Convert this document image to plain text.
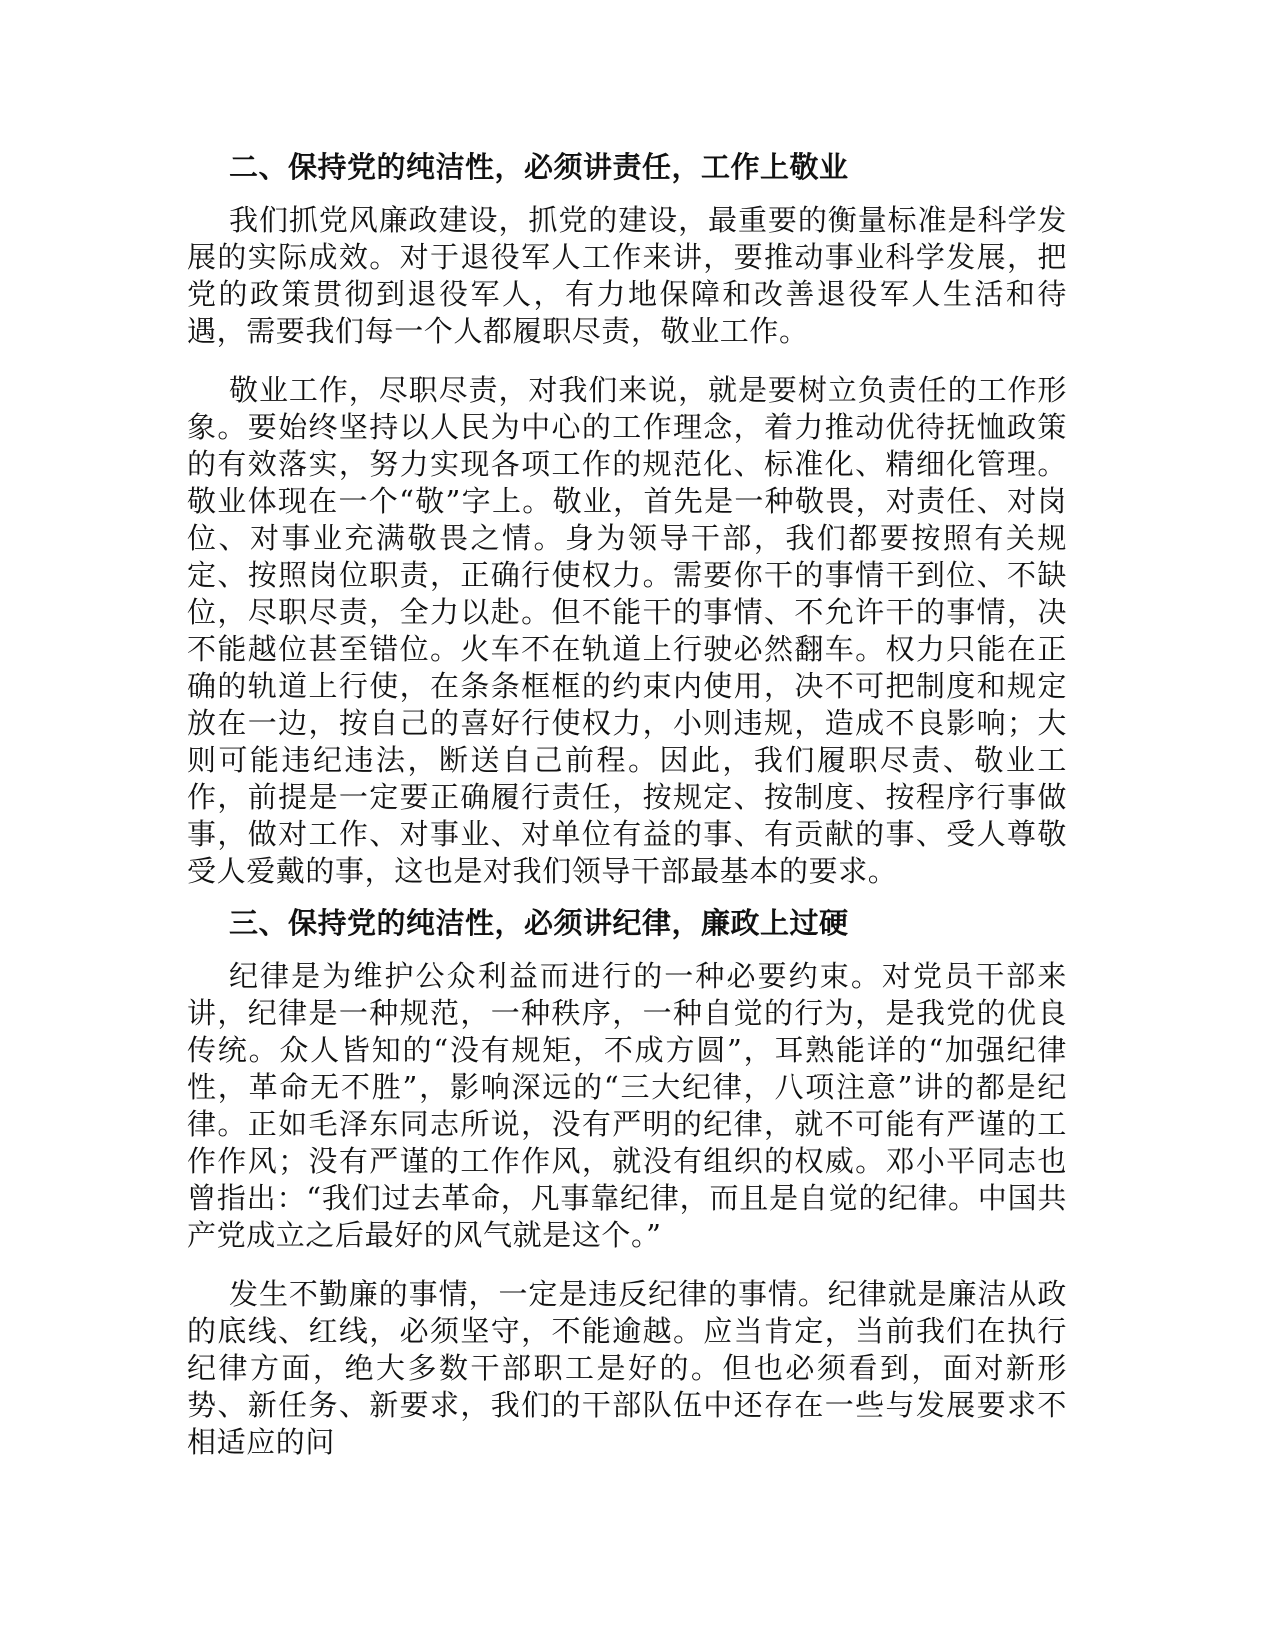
二、保持党的纯洁性，必须讲责任，工作上敬业

我们抓党风廉政建设，抓党的建设，最重要的衡量标准是科学发展的实际成效。对于退役军人工作来讲，要推动事业科学发展，把党的政策贯彻到退役军人，有力地保障和改善退役军人生活和待遇，需要我们每一个人都履职尽责，敬业工作。

敬业工作，尽职尽责，对我们来说，就是要树立负责任的工作形象。要始终坚持以人民为中心的工作理念，着力推动优待抚恤政策的有效落实，努力实现各项工作的规范化、标准化、精细化管理。敬业体现在一个“敬”字上。敬业，首先是一种敬畏，对责任、对岗位、对事业充满敬畏之情。身为领导干部，我们都要按照有关规定、按照岗位职责，正确行使权力。需要你干的事情干到位、不缺位，尽职尽责，全力以赴。但不能干的事情、不允许干的事情，决不能越位甚至错位。火车不在轨道上行驶必然翻车。权力只能在正确的轨道上行使，在条条框框的约束内使用，决不可把制度和规定放在一边，按自己的喜好行使权力，小则违规，造成不良影响；大则可能违纪违法，断送自己前程。因此，我们履职尽责、敬业工作，前提是一定要正确履行责任，按规定、按制度、按程序行事做事，做对工作、对事业、对单位有益的事、有贡献的事、受人尊敬受人爱戴的事，这也是对我们领导干部最基本的要求。

三、保持党的纯洁性，必须讲纪律，廉政上过硬

纪律是为维护公众利益而进行的一种必要约束。对党员干部来讲，纪律是一种规范，一种秩序，一种自觉的行为，是我党的优良传统。众人皆知的“没有规矩，不成方圆”，耳熟能详的“加强纪律性，革命无不胜”，影响深远的“三大纪律，八项注意”讲的都是纪律。正如毛泽东同志所说，没有严明的纪律，就不可能有严谨的工作作风；没有严谨的工作作风，就没有组织的权威。邓小平同志也曾指出：“我们过去革命，凡事靠纪律，而且是自觉的纪律。中国共产党成立之后最好的风气就是这个。”

发生不勤廉的事情，一定是违反纪律的事情。纪律就是廉洁从政的底线、红线，必须坚守，不能逾越。应当肯定，当前我们在执行纪律方面，绝大多数干部职工是好的。但也必须看到，面对新形势、新任务、新要求，我们的干部队伍中还存在一些与发展要求不相适应的问
